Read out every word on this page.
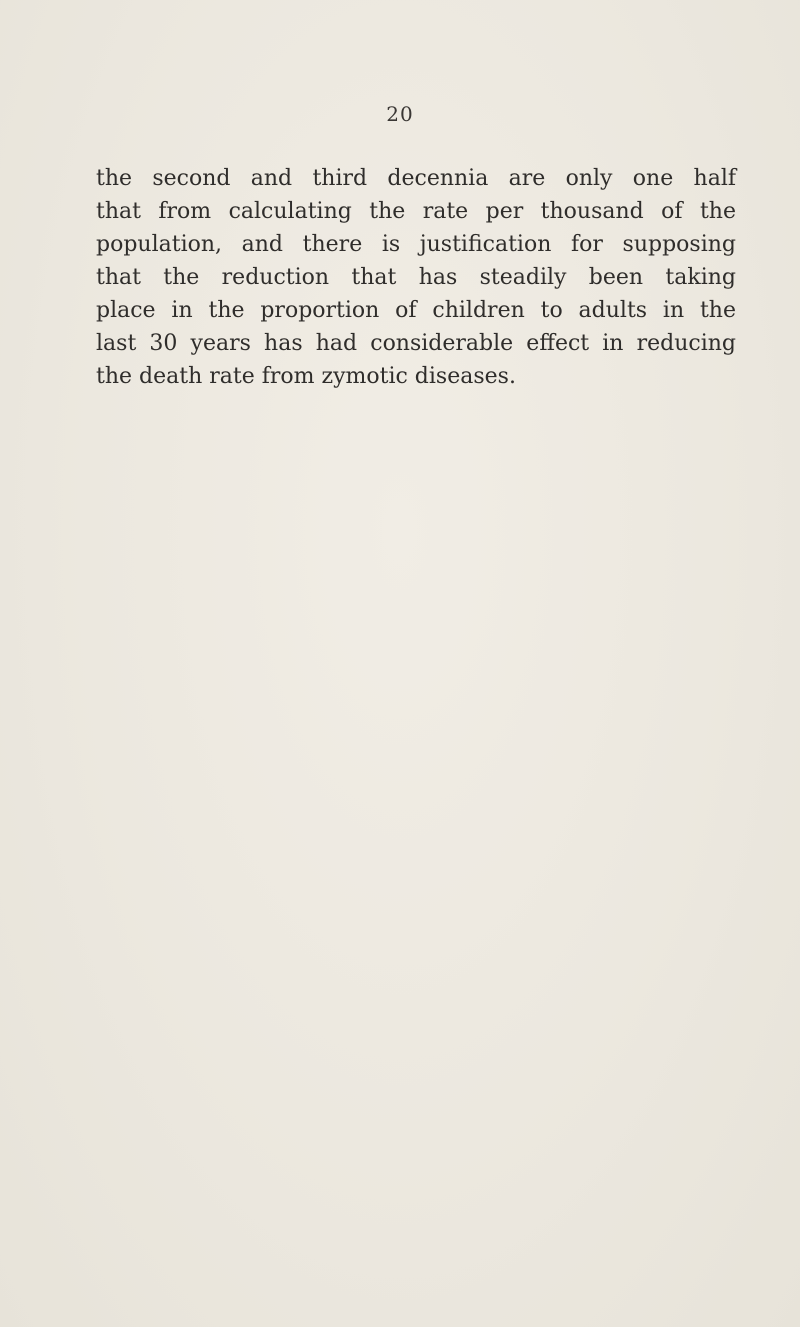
20
the second and third decennia are only one half
that from calculating the rate per thousand of the
population, and there is justification for supposing
that the reduction that has steadily been taking
place in the proportion of children to adults in the
last 30 years has had considerable effect in reducing
the death rate from zymotic diseases.
